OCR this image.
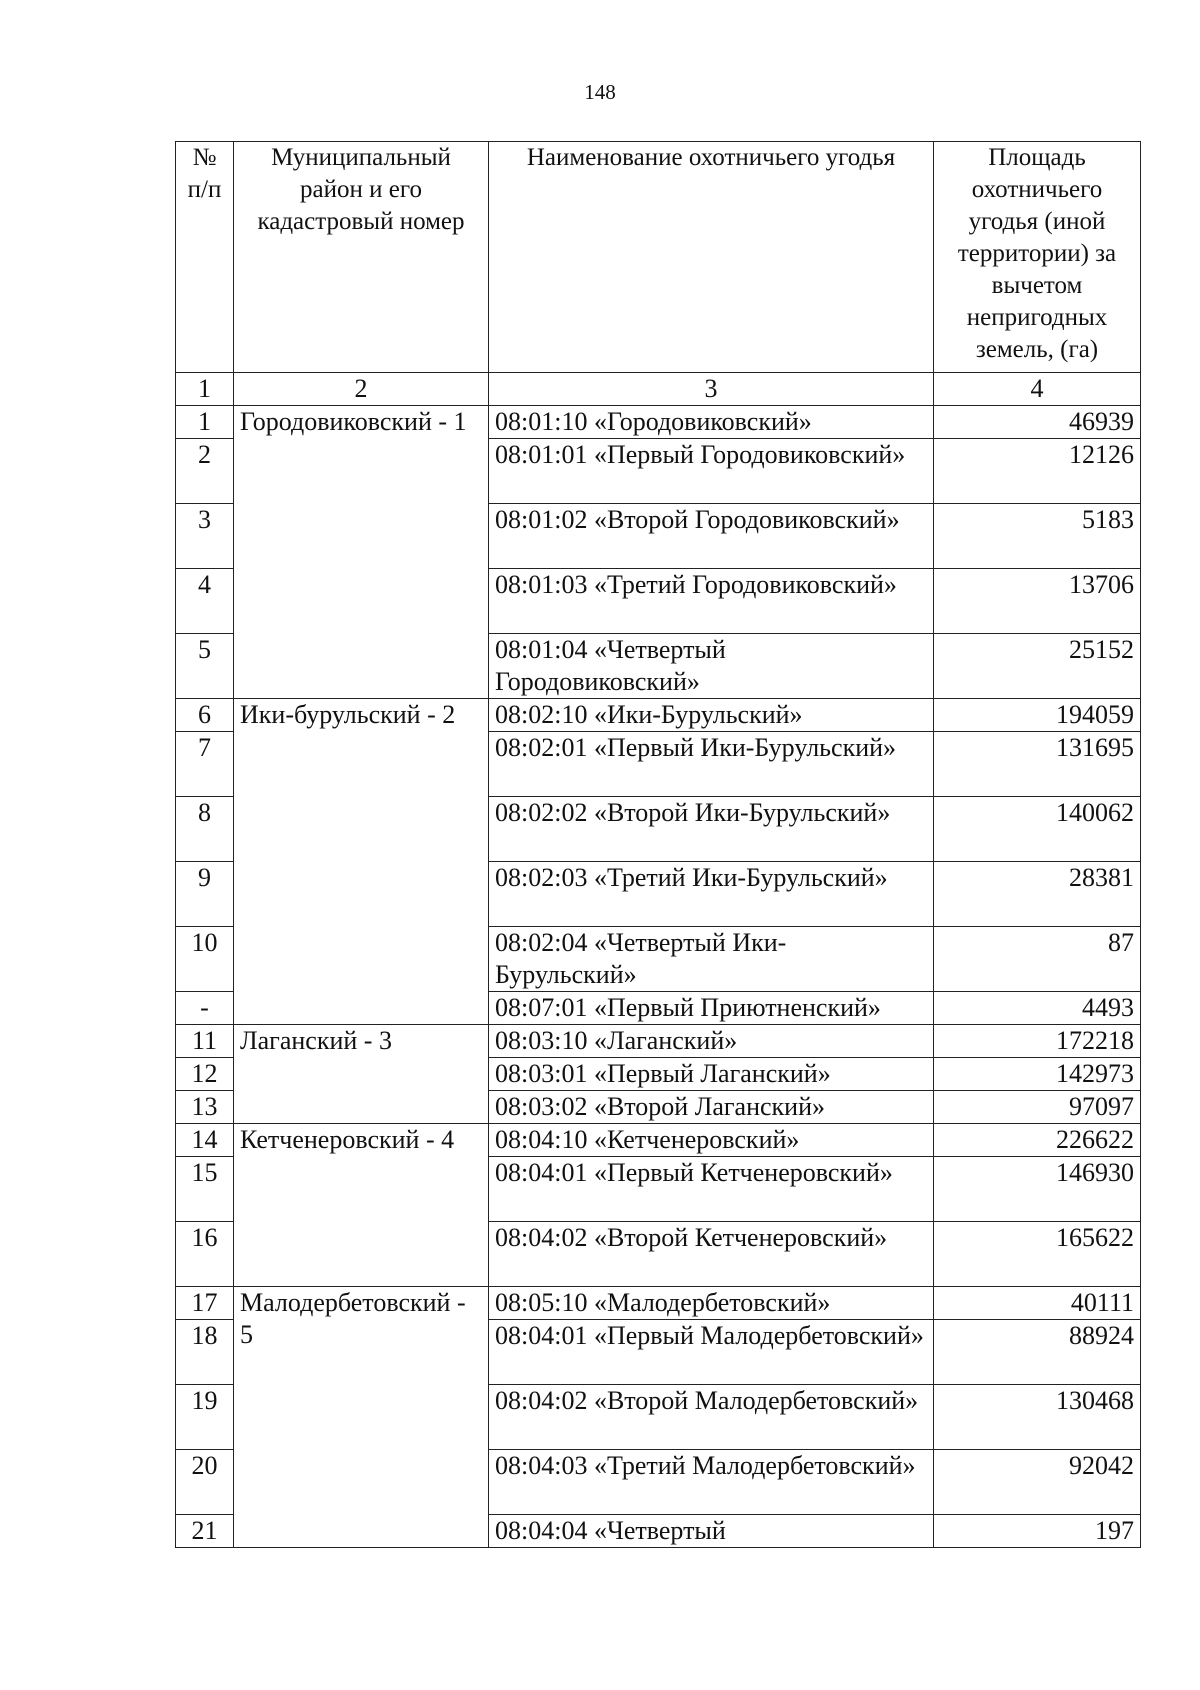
148
№ п/п	Муниципальный район и его кадастровый номер	Наименование охотничьего угодья	Площадь охотничьего угодья (иной территории) за вычетом непригодных земель, (га)
1	2	3	4
1	Городовиковский - 1	08:01:10 «Городовиковский»	46939
2		08:01:01 «Первый Городовиковский»	12126
3		08:01:02 «Второй Городовиковский»	5183
4		08:01:03 «Третий Городовиковский»	13706
5		08:01:04 «Четвертый Городовиковский»	25152
6	Ики-бурульский - 2	08:02:10 «Ики-Бурульский»	194059
7		08:02:01 «Первый Ики-Бурульский»	131695
8		08:02:02 «Второй Ики-Бурульский»	140062
9		08:02:03 «Третий Ики-Бурульский»	28381
10		08:02:04 «Четвертый Ики-Бурульский»	87
-		08:07:01 «Первый Приютненский»	4493
11	Лаганский - 3	08:03:10 «Лаганский»	172218
12		08:03:01 «Первый Лаганский»	142973
13		08:03:02 «Второй Лаганский»	97097
14	Кетченеровский - 4	08:04:10 «Кетченеровский»	226622
15		08:04:01 «Первый Кетченеровский»	146930
16		08:04:02 «Второй Кетченеровский»	165622
17	Малодербетовский - 5	08:05:10 «Малодербетовский»	40111
18		08:04:01 «Первый Малодербетовский»	88924
19		08:04:02 «Второй Малодербетовский»	130468
20		08:04:03 «Третий Малодербетовский»	92042
21		08:04:04 «Четвертый	197
